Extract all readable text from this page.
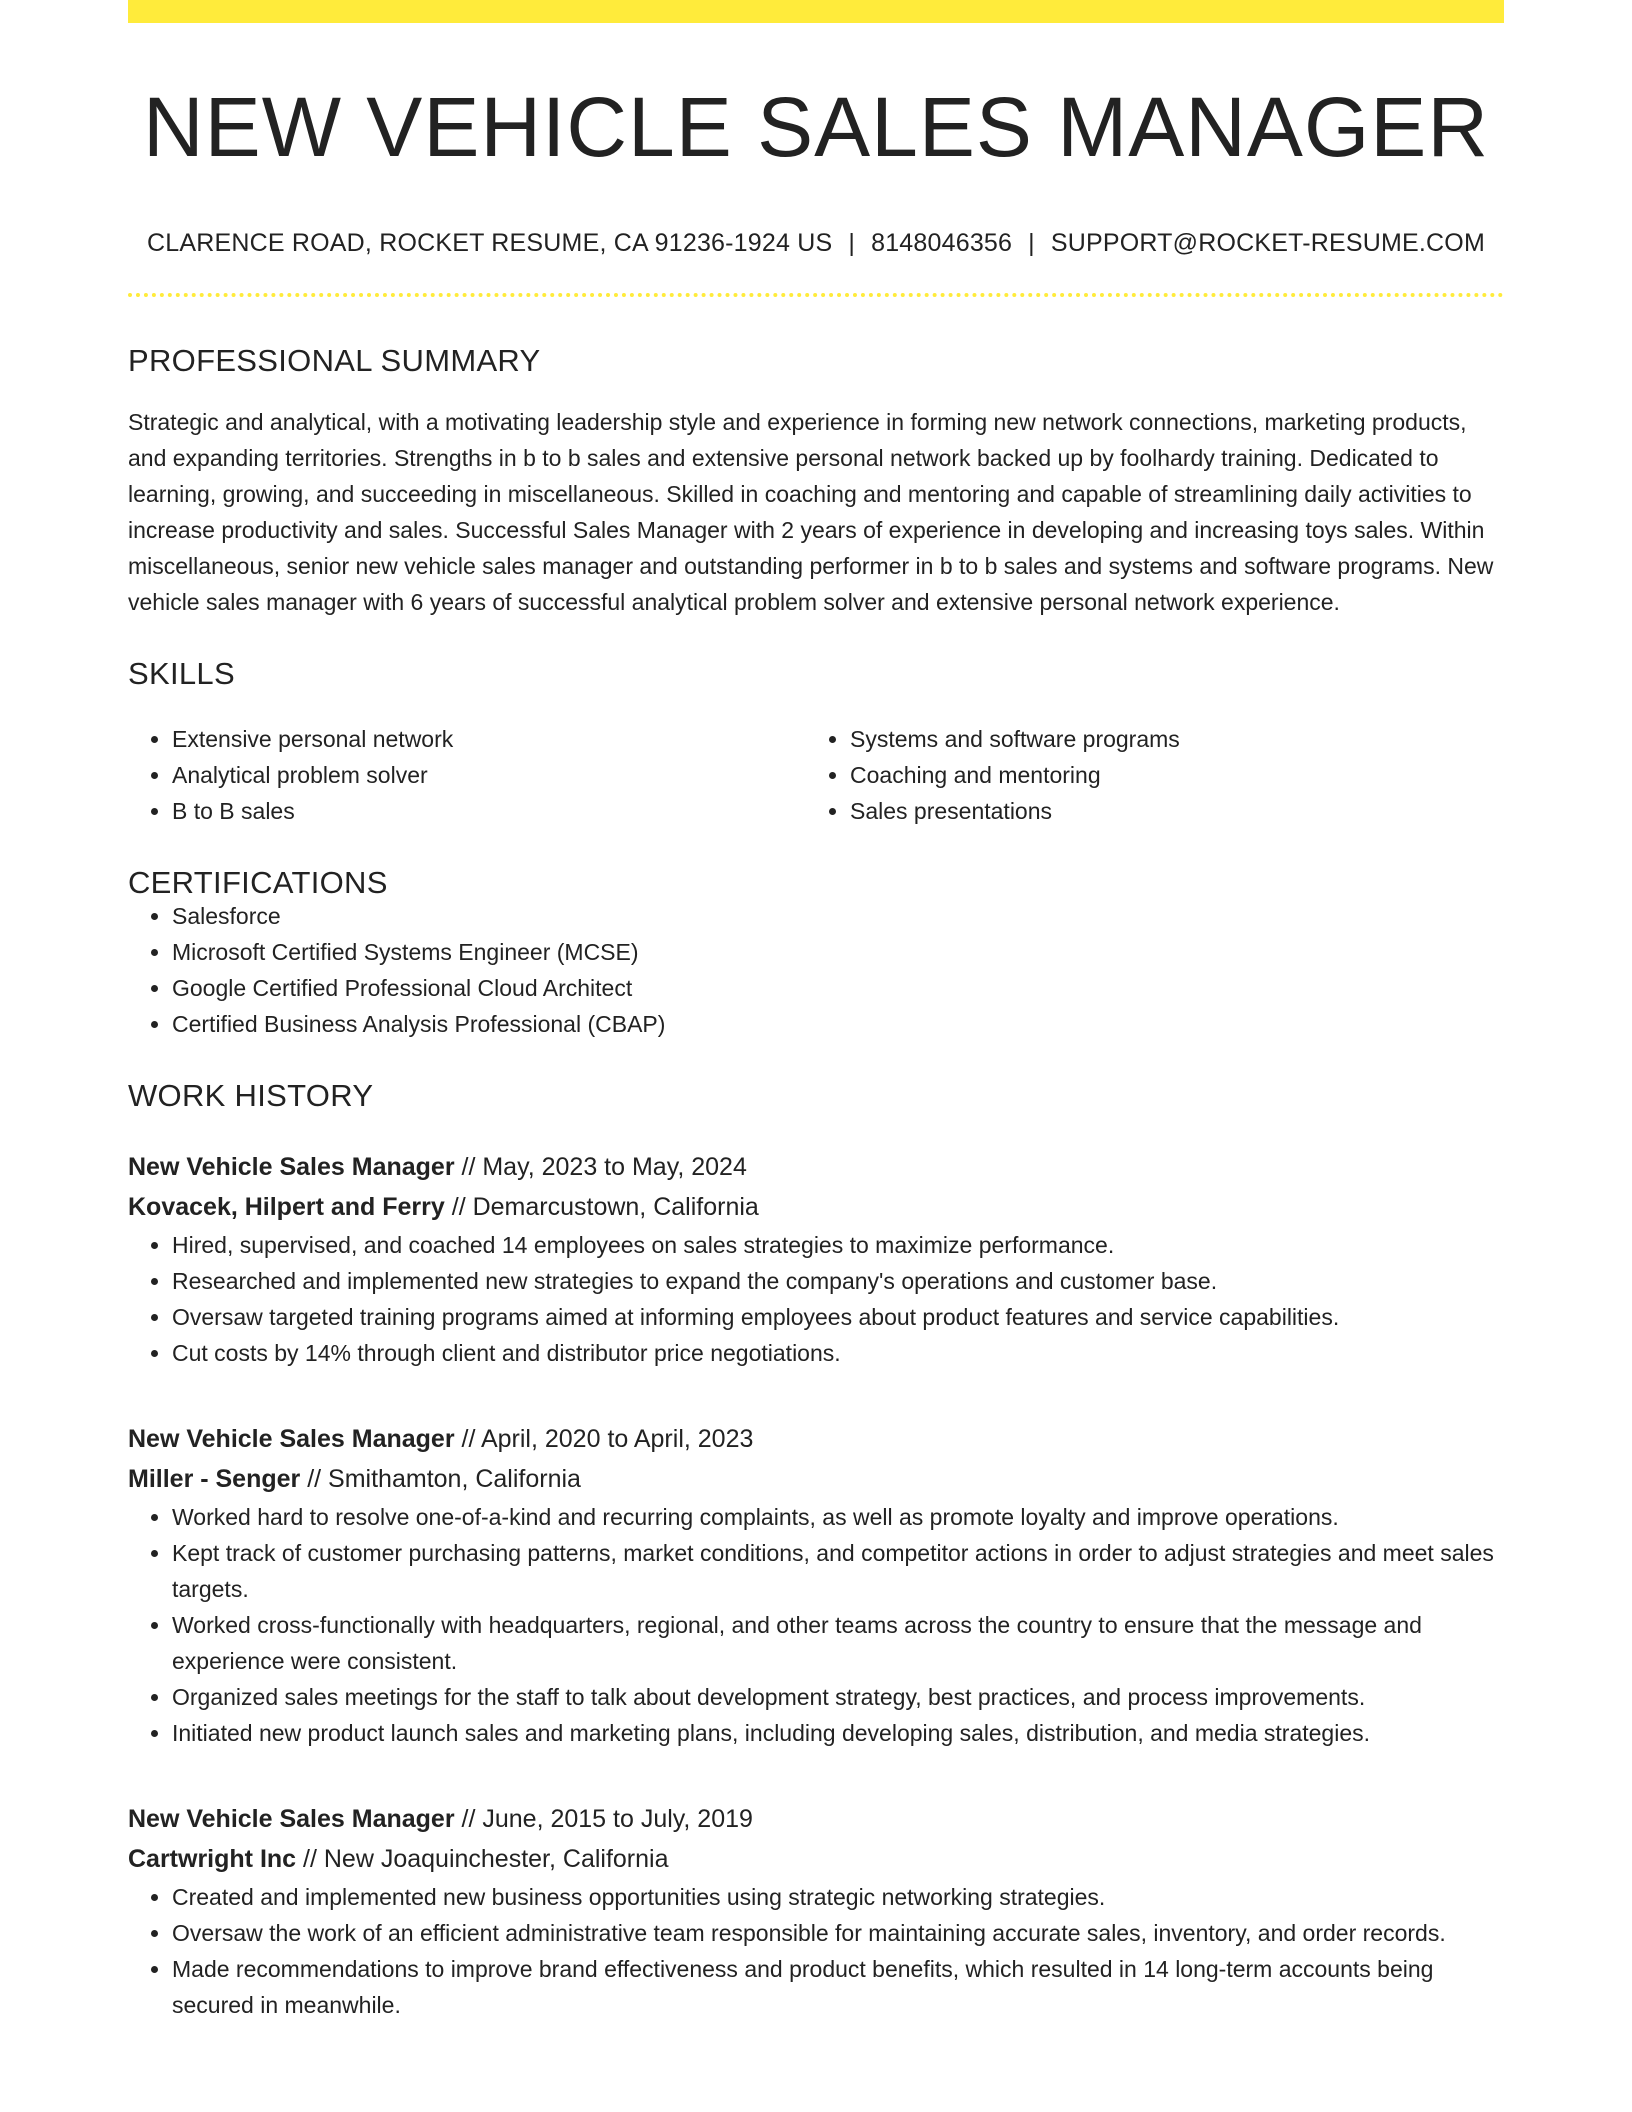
NEW VEHICLE SALES MANAGER
CLARENCE ROAD, ROCKET RESUME, CA 91236-1924 US | 8148046356 | SUPPORT@ROCKET-RESUME.COM
PROFESSIONAL SUMMARY
Strategic and analytical, with a motivating leadership style and experience in forming new network connections, marketing products, and expanding territories. Strengths in b to b sales and extensive personal network backed up by foolhardy training. Dedicated to learning, growing, and succeeding in miscellaneous. Skilled in coaching and mentoring and capable of streamlining daily activities to increase productivity and sales. Successful Sales Manager with 2 years of experience in developing and increasing toys sales. Within miscellaneous, senior new vehicle sales manager and outstanding performer in b to b sales and systems and software programs. New vehicle sales manager with 6 years of successful analytical problem solver and extensive personal network experience.
SKILLS
• Extensive personal network
• Analytical problem solver
• B to B sales
• Systems and software programs
• Coaching and mentoring
• Sales presentations
CERTIFICATIONS
• Salesforce
• Microsoft Certified Systems Engineer (MCSE)
• Google Certified Professional Cloud Architect
• Certified Business Analysis Professional (CBAP)
WORK HISTORY
New Vehicle Sales Manager // May, 2023 to May, 2024
Kovacek, Hilpert and Ferry // Demarcustown, California
• Hired, supervised, and coached 14 employees on sales strategies to maximize performance.
• Researched and implemented new strategies to expand the company's operations and customer base.
• Oversaw targeted training programs aimed at informing employees about product features and service capabilities.
• Cut costs by 14% through client and distributor price negotiations.
New Vehicle Sales Manager // April, 2020 to April, 2023
Miller - Senger // Smithamton, California
• Worked hard to resolve one-of-a-kind and recurring complaints, as well as promote loyalty and improve operations.
• Kept track of customer purchasing patterns, market conditions, and competitor actions in order to adjust strategies and meet sales targets.
• Worked cross-functionally with headquarters, regional, and other teams across the country to ensure that the message and experience were consistent.
• Organized sales meetings for the staff to talk about development strategy, best practices, and process improvements.
• Initiated new product launch sales and marketing plans, including developing sales, distribution, and media strategies.
New Vehicle Sales Manager // June, 2015 to July, 2019
Cartwright Inc // New Joaquinchester, California
• Created and implemented new business opportunities using strategic networking strategies.
• Oversaw the work of an efficient administrative team responsible for maintaining accurate sales, inventory, and order records.
• Made recommendations to improve brand effectiveness and product benefits, which resulted in 14 long-term accounts being secured in meanwhile.
